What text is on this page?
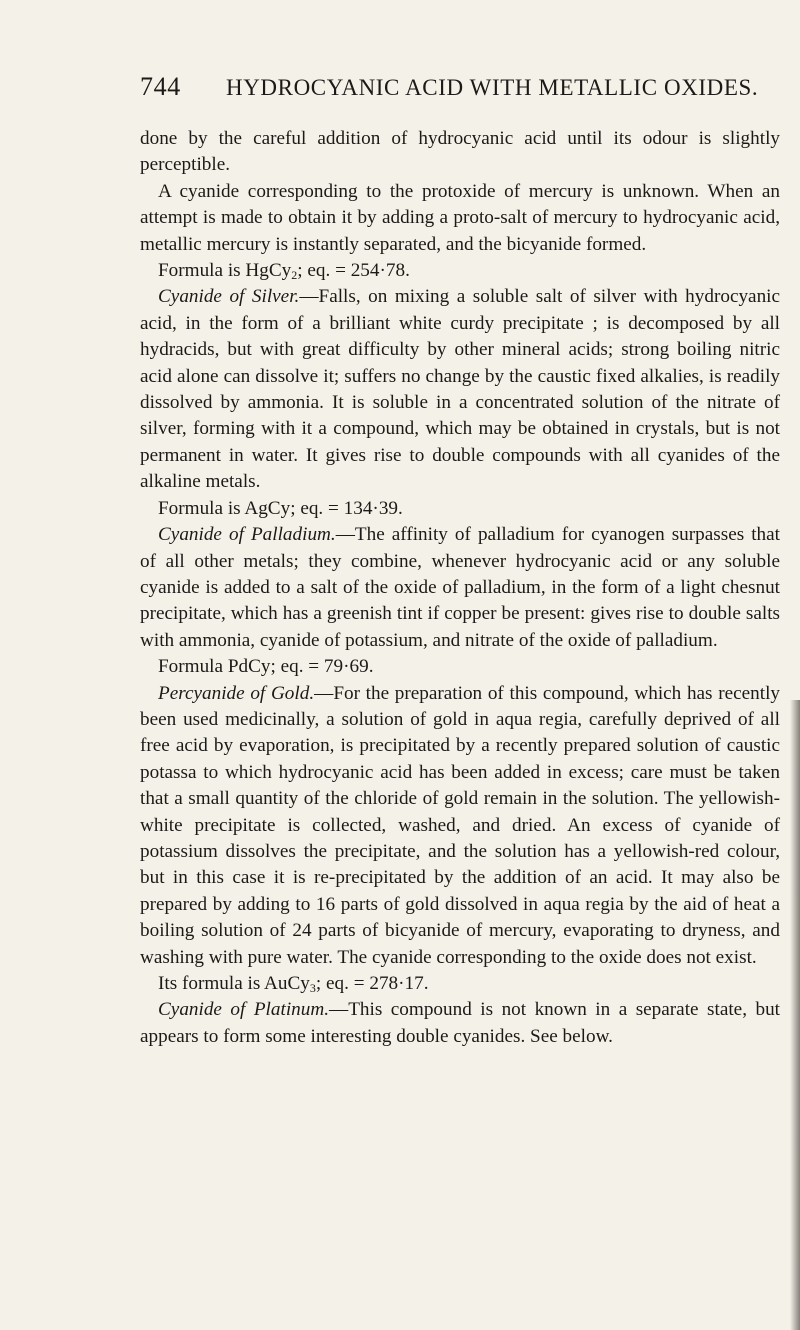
744	HYDROCYANIC ACID WITH METALLIC OXIDES.

done by the careful addition of hydrocyanic acid until its odour is slightly perceptible.

A cyanide corresponding to the protoxide of mercury is unknown. When an attempt is made to obtain it by adding a proto-salt of mercury to hydrocyanic acid, metallic mercury is instantly separated, and the bicyanide formed.

Formula is HgCy$_2$; eq. = 254·78.

Cyanide of Silver.—Falls, on mixing a soluble salt of silver with hydrocyanic acid, in the form of a brilliant white curdy precipitate ; is decomposed by all hydracids, but with great difficulty by other mineral acids; strong boiling nitric acid alone can dissolve it; suffers no change by the caustic fixed alkalies, is readily dissolved by ammonia. It is soluble in a concentrated solution of the nitrate of silver, forming with it a compound, which may be obtained in crystals, but is not permanent in water. It gives rise to double compounds with all cyanides of the alkaline metals.

Formula is AgCy; eq. = 134·39.

Cyanide of Palladium.—The affinity of palladium for cyanogen surpasses that of all other metals; they combine, whenever hydrocyanic acid or any soluble cyanide is added to a salt of the oxide of palladium, in the form of a light chesnut precipitate, which has a greenish tint if copper be present: gives rise to double salts with ammonia, cyanide of potassium, and nitrate of the oxide of palladium.

Formula PdCy; eq. = 79·69.

Percyanide of Gold.—For the preparation of this compound, which has recently been used medicinally, a solution of gold in aqua regia, carefully deprived of all free acid by evaporation, is precipitated by a recently prepared solution of caustic potassa to which hydrocyanic acid has been added in excess; care must be taken that a small quantity of the chloride of gold remain in the solution. The yellowish-white precipitate is collected, washed, and dried. An excess of cyanide of potassium dissolves the precipitate, and the solution has a yellowish-red colour, but in this case it is re-precipitated by the addition of an acid. It may also be prepared by adding to 16 parts of gold dissolved in aqua regia by the aid of heat a boiling solution of 24 parts of bicyanide of mercury, evaporating to dryness, and washing with pure water. The cyanide corresponding to the oxide does not exist.

Its formula is AuCy$_3$; eq. = 278·17.

Cyanide of Platinum.—This compound is not known in a separate state, but appears to form some interesting double cyanides. See below.
